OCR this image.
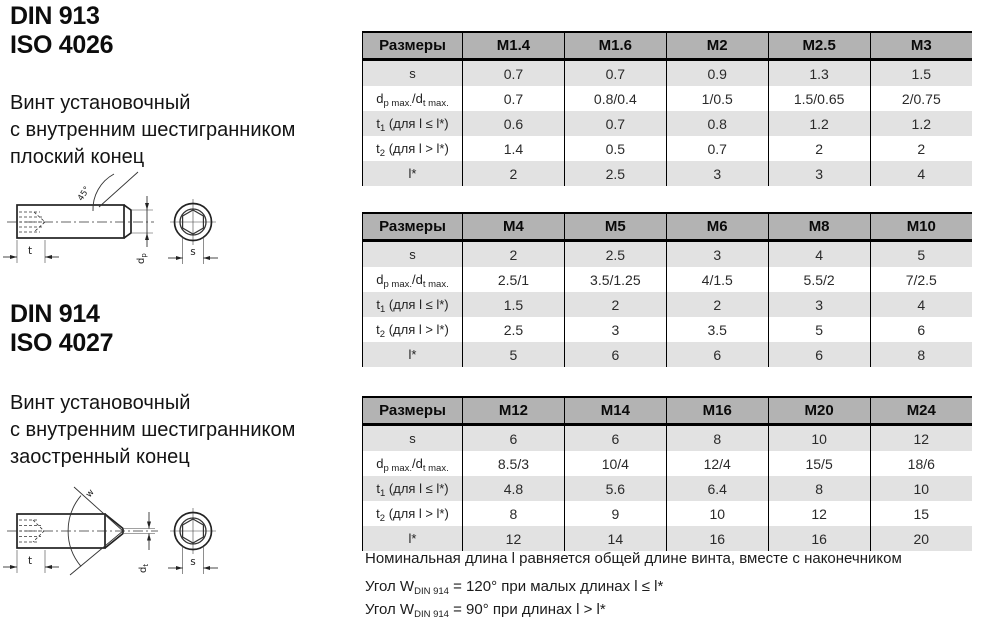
DIN 913
ISO 4026
Винт установочный
с внутренним шестигранником
плоский конец
45°
t
$d_p$	s
DIN 914
ISO 4027
Винт установочный
с внутренним шестигранником
заостренный конец
w
t
$d_t$	s
Размеры	M1.4	M1.6	M2	M2.5	M3
s	0.7	0.7	0.9	1.3	1.5
$d_{p max.}/d_{t max.}$	0.7	0.8/0.4	1/0.5	1.5/0.65	2/0.75
$t_1$ (для l ≤ l*)	0.6	0.7	0.8	1.2	1.2
$t_2$ (для l > l*)	1.4	0.5	0.7	2	2
l*	2	2.5	3	3	4
Размеры	M4	M5	M6	M8	M10
s	2	2.5	3	4	5
$d_{p max.}/d_{t max.}$	2.5/1	3.5/1.25	4/1.5	5.5/2	7/2.5
$t_1$ (для l ≤ l*)	1.5	2	2	3	4
$t_2$ (для l > l*)	2.5	3	3.5	5	6
l*	5	6	6	6	8
Размеры	M12	M14	M16	M20	M24
s	6	6	8	10	12
$d_{p max.}/d_{t max.}$	8.5/3	10/4	12/4	15/5	18/6
$t_1$ (для l ≤ l*)	4.8	5.6	6.4	8	10
$t_2$ (для l > l*)	8	9	10	12	15
l*	12	14	16	16	20
Номинальная длина l равняется общей длине винта, вместе с наконечником
Угол $W_{DIN 914} = 120^\circ$ при малых длинах l ≤ l*
Угол $W_{DIN 914} = 90^\circ$ при длинах l > l*
